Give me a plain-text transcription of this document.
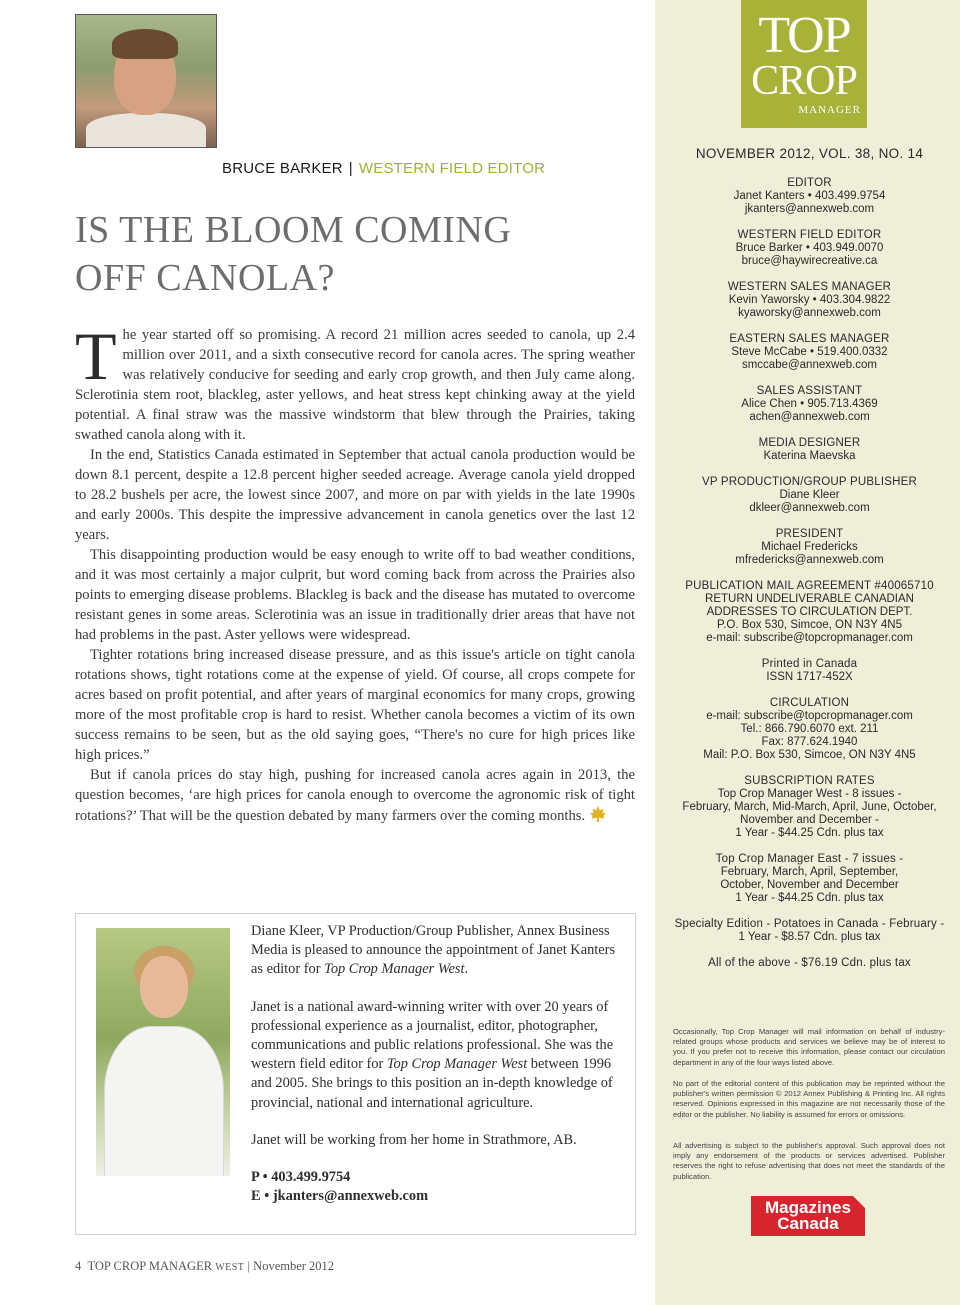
BRUCE BARKER | WESTERN FIELD EDITOR
IS THE BLOOM COMING
OFF CANOLA?

The year started off so promising. A record 21 million acres seeded to canola, up 2.4 million over 2011, and a sixth consecutive record for canola acres. The spring weather was relatively conducive for seeding and early crop growth, and then July came along. Sclerotinia stem root, blackleg, aster yellows, and heat stress kept chinking away at the yield potential. A final straw was the massive windstorm that blew through the Prairies, taking swathed canola along with it.

In the end, Statistics Canada estimated in September that actual canola production would be down 8.1 percent, despite a 12.8 percent higher seeded acreage. Average canola yield dropped to 28.2 bushels per acre, the lowest since 2007, and more on par with yields in the late 1990s and early 2000s. This despite the impressive advancement in canola genetics over the last 12 years.

This disappointing production would be easy enough to write off to bad weather conditions, and it was most certainly a major culprit, but word coming back from across the Prairies also points to emerging disease problems. Blackleg is back and the disease has mutated to overcome resistant genes in some areas. Sclerotinia was an issue in traditionally drier areas that have not had problems in the past. Aster yellows were widespread.

Tighter rotations bring increased disease pressure, and as this issue's article on tight canola rotations shows, tight rotations come at the expense of yield. Of course, all crops compete for acres based on profit potential, and after years of marginal economics for many crops, growing more of the most profitable crop is hard to resist. Whether canola becomes a victim of its own success remains to be seen, but as the old saying goes, “There's no cure for high prices like high prices.”

But if canola prices do stay high, pushing for increased canola acres again in 2013, the question becomes, ‘are high prices for canola enough to overcome the agronomic risk of tight rotations?’ That will be the question debated by many farmers over the coming months.

Diane Kleer, VP Production/Group Publisher, Annex Business Media is pleased to announce the appointment of Janet Kanters as editor for Top Crop Manager West.

Janet is a national award-winning writer with over 20 years of professional experience as a journalist, editor, photographer, communications and public relations professional. She was the western field editor for Top Crop Manager West between 1996 and 2005. She brings to this position an in-depth knowledge of provincial, national and international agriculture.

Janet will be working from her home in Strathmore, AB.

P • 403.499.9754
E • jkanters@annexweb.com
4 TOP CROP MANAGER WEST | November 2012
TOP
CROP
MANAGER
NOVEMBER 2012, VOL. 38, NO. 14
EDITOR
Janet Kanters • 403.499.9754
jkanters@annexweb.com
WESTERN FIELD EDITOR
Bruce Barker • 403.949.0070
bruce@haywirecreative.ca
WESTERN SALES MANAGER
Kevin Yaworsky • 403.304.9822
kyaworsky@annexweb.com
EASTERN SALES MANAGER
Steve McCabe • 519.400.0332
smccabe@annexweb.com
SALES ASSISTANT
Alice Chen • 905.713.4369
achen@annexweb.com
MEDIA DESIGNER
Katerina Maevska
VP PRODUCTION/GROUP PUBLISHER
Diane Kleer
dkleer@annexweb.com
PRESIDENT
Michael Fredericks
mfredericks@annexweb.com
PUBLICATION MAIL AGREEMENT #40065710
RETURN UNDELIVERABLE CANADIAN
ADDRESSES TO CIRCULATION DEPT.
P.O. Box 530, Simcoe, ON N3Y 4N5
e-mail: subscribe@topcropmanager.com
Printed in Canada
ISSN 1717-452X
CIRCULATION
e-mail: subscribe@topcropmanager.com
Tel.: 866.790.6070 ext. 211
Fax: 877.624.1940
Mail: P.O. Box 530, Simcoe, ON N3Y 4N5
SUBSCRIPTION RATES
Top Crop Manager West - 8 issues -
February, March, Mid-March, April, June, October,
November and December -
1 Year - $44.25 Cdn. plus tax
Top Crop Manager East - 7 issues -
February, March, April, September,
October, November and December
1 Year - $44.25 Cdn. plus tax
Specialty Edition - Potatoes in Canada - February -
1 Year - $8.57 Cdn. plus tax
All of the above - $76.19 Cdn. plus tax
Occasionally, Top Crop Manager will mail information on behalf of industry-related groups whose products and services we believe may be of interest to you. If you prefer not to receive this information, please contact our circulation department in any of the four ways listed above.
No part of the editorial content of this publication may be reprinted without the publisher's written permission © 2012 Annex Publishing & Printing Inc. All rights reserved. Opinions expressed in this magazine are not necessarily those of the editor or the publisher. No liability is assumed for errors or omissions.
All advertising is subject to the publisher's approval. Such approval does not imply any endorsement of the products or services advertised. Publisher reserves the right to refuse advertising that does not meet the standards of the publication.
Magazines
Canada
